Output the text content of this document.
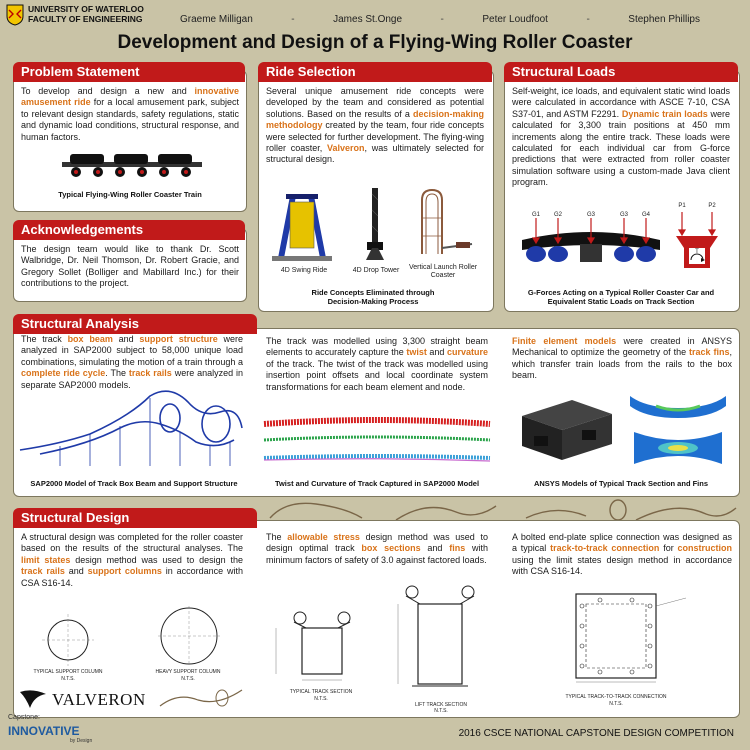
UNIVERSITY OF WATERLOO
FACULTY OF ENGINEERING	Graeme Milligan	-	James St.Onge	-	Peter Loudfoot	-	Stephen Phillips
Development and Design of a Flying-Wing Roller Coaster
Problem Statement
To develop and design a new and innovative amusement ride for a local amusement park, subject to relevant design standards, safety regulations, static and dynamic load conditions, structural response, and human factors.
Typical Flying-Wing Roller Coaster Train
Acknowledgements
The design team would like to thank Dr. Scott Walbridge, Dr. Neil Thomson, Dr. Robert Gracie, and Gregory Sollet (Bolliger and Mabillard Inc.) for their contributions to the project.
Ride Selection
Several unique amusement ride concepts were developed by the team and considered as potential solutions. Based on the results of a decision-making methodology created by the team, four ride concepts were selected for further development. The flying-wing roller coaster, Valveron, was ultimately selected for structural design.
4D Swing Ride	4D Drop Tower	Vertical Launch Roller Coaster
Ride Concepts Eliminated through Decision-Making Process
Structural Loads
Self-weight, ice loads, and equivalent static wind loads were calculated in accordance with ASCE 7-10, CSA S37-01, and ASTM F2291. Dynamic train loads were calculated for 3,300 train positions at 450 mm increments along the entire track. These loads were calculated for each individual car from G-force predictions that were extracted from roller coaster simulation software using a custom-made Java client program.
G1	G2	G3	G3	G4
P1	P2
T
G-Forces Acting on a Typical Roller Coaster Car and Equivalent Static Loads on Track Section
Structural Analysis
The track box beam and support structure were analyzed in SAP2000 subject to 58,000 unique load combinations, simulating the motion of a train through a complete ride cycle. The track rails were analyzed in separate SAP2000 models.
SAP2000 Model of Track Box Beam and Support Structure
The track was modelled using 3,300 straight beam elements to accurately capture the twist and curvature of the track. The twist of the track was modelled using insertion point offsets and local coordinate system transformations for each beam element and node.
Twist and Curvature of Track Captured in SAP2000 Model
Finite element models were created in ANSYS Mechanical to optimize the geometry of the track fins, which transfer train loads from the rails to the box beam.
ANSYS Models of Typical Track Section and Fins
Structural Design
A structural design was completed for the roller coaster based on the results of the structural analyses. The limit states design method was used to design the track rails and support columns in accordance with CSA S16-14.
TYPICAL SUPPORT COLUMN
N.T.S.
HEAVY SUPPORT COLUMN
N.T.S.
VALVERON
The allowable stress design method was used to design optimal track box sections and fins with minimum factors of safety of 3.0 against factored loads.
TYPICAL TRACK SECTION
N.T.S.
LIFT TRACK SECTION
N.T.S.
A bolted end-plate splice connection was designed as a typical track-to-track connection for construction using the limit states design method in accordance with CSA S16-14.
TYPICAL TRACK-TO-TRACK CONNECTION
N.T.S.
Capstone:
INNOVATIVE
by Design
2016 CSCE NATIONAL CAPSTONE DESIGN COMPETITION
